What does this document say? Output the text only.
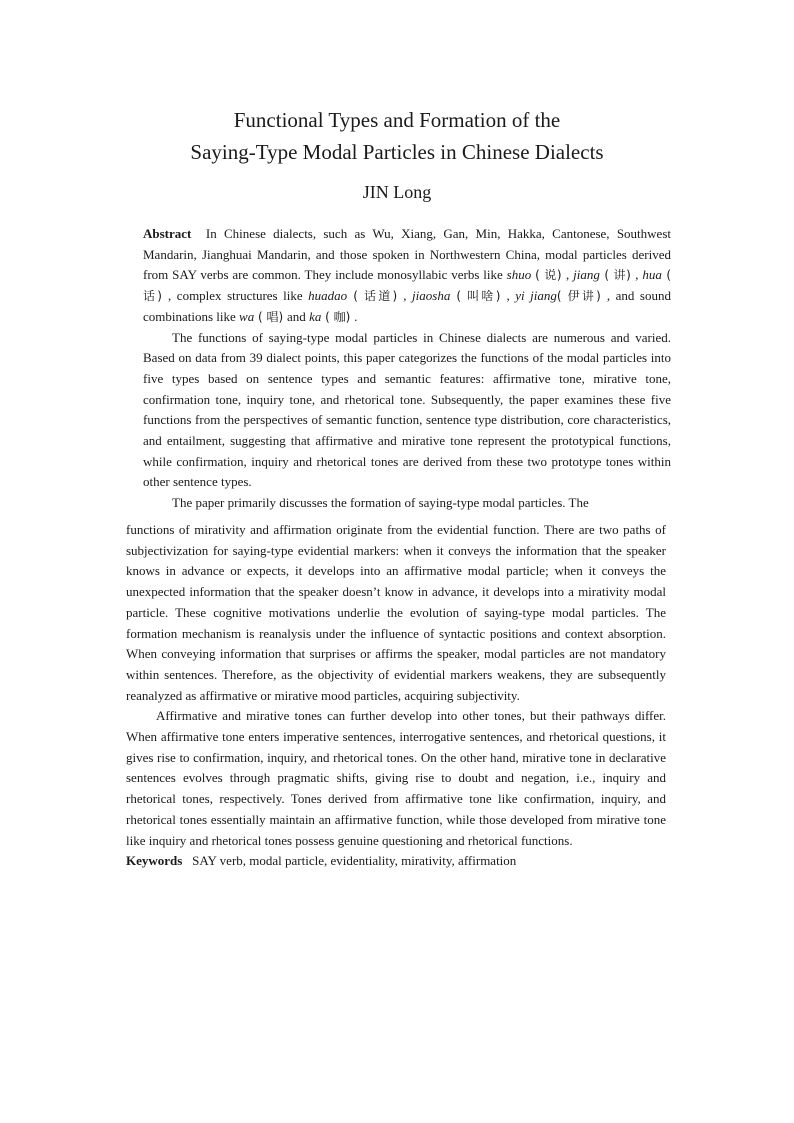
Functional Types and Formation of the
Saying-Type Modal Particles in Chinese Dialects
JIN Long

Abstract In Chinese dialects, such as Wu, Xiang, Gan, Min, Hakka, Cantonese, Southwest Mandarin, Jianghuai Mandarin, and those spoken in Northwestern China, modal particles derived from SAY verbs are common. They include monosyllabic verbs like shuo ( 说) , jiang ( 讲) , hua ( 话) , complex structures like huadao ( 话道) , jiaosha ( 叫啥) , yi jiang( 伊讲) , and sound combinations like wa ( 唱) and ka ( 咖) .

The functions of saying-type modal particles in Chinese dialects are numerous and varied. Based on data from 39 dialect points, this paper categorizes the functions of the modal particles into five types based on sentence types and semantic features: affirmative tone, mirative tone, confirmation tone, inquiry tone, and rhetorical tone. Subsequently, the paper examines these five functions from the perspectives of semantic function, sentence type distribution, core characteristics, and entailment, suggesting that affirmative and mirative tone represent the prototypical functions, while confirmation, inquiry and rhetorical tones are derived from these two prototype tones within other sentence types.

The paper primarily discusses the formation of saying-type modal particles. The

functions of mirativity and affirmation originate from the evidential function. There are two paths of subjectivization for saying-type evidential markers: when it conveys the information that the speaker knows in advance or expects, it develops into an affirmative modal particle; when it conveys the unexpected information that the speaker doesn’t know in advance, it develops into a mirativity modal particle. These cognitive motivations underlie the evolution of saying-type modal particles. The formation mechanism is reanalysis under the influence of syntactic positions and context absorption. When conveying information that surprises or affirms the speaker, modal particles are not mandatory within sentences. Therefore, as the objectivity of evidential markers weakens, they are subsequently reanalyzed as affirmative or mirative mood particles, acquiring subjectivity.

Affirmative and mirative tones can further develop into other tones, but their pathways differ. When affirmative tone enters imperative sentences, interrogative sentences, and rhetorical questions, it gives rise to confirmation, inquiry, and rhetorical tones. On the other hand, mirative tone in declarative sentences evolves through pragmatic shifts, giving rise to doubt and negation, i.e., inquiry and rhetorical tones, respectively. Tones derived from affirmative tone like confirmation, inquiry, and rhetorical tones essentially maintain an affirmative function, while those developed from mirative tone like inquiry and rhetorical tones possess genuine questioning and rhetorical functions.

Keywords SAY verb, modal particle, evidentiality, mirativity, affirmation
